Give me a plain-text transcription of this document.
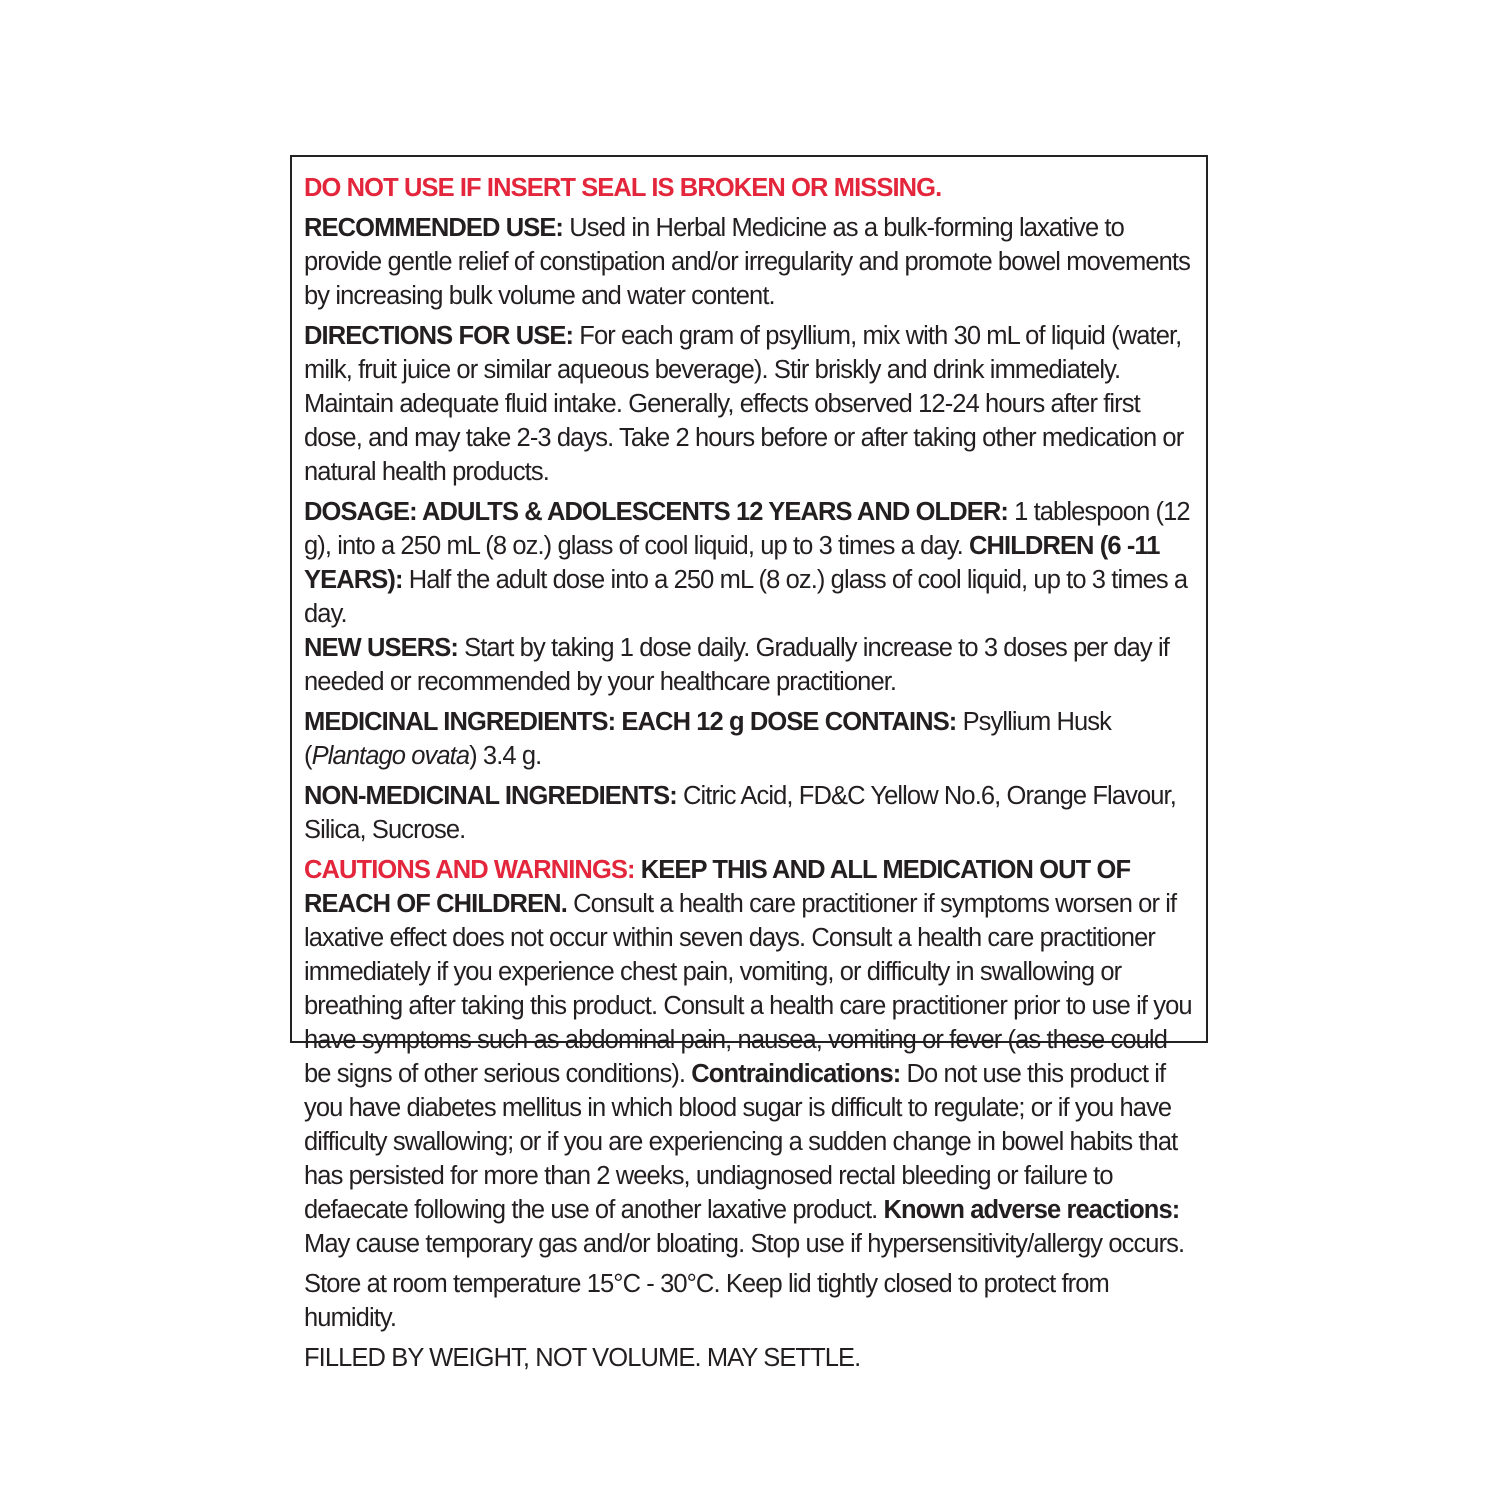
DO NOT USE IF INSERT SEAL IS BROKEN OR MISSING.

RECOMMENDED USE: Used in Herbal Medicine as a bulk-forming laxative to provide gentle relief of constipation and/or irregularity and promote bowel movements by increasing bulk volume and water content.

DIRECTIONS FOR USE: For each gram of psyllium, mix with 30 mL of liquid (water, milk, fruit juice or similar aqueous beverage). Stir briskly and drink immediately. Maintain adequate fluid intake. Generally, effects observed 12-24 hours after first dose, and may take 2-3 days. Take 2 hours before or after taking other medication or natural health products.

DOSAGE: ADULTS & ADOLESCENTS 12 YEARS AND OLDER: 1 tablespoon (12 g), into a 250 mL (8 oz.) glass of cool liquid, up to 3 times a day. CHILDREN (6 -11 YEARS): Half the adult dose into a 250 mL (8 oz.) glass of cool liquid, up to 3 times a day.
NEW USERS: Start by taking 1 dose daily. Gradually increase to 3 doses per day if needed or recommended by your healthcare practitioner.

MEDICINAL INGREDIENTS: EACH 12 g DOSE CONTAINS: Psyllium Husk (Plantago ovata) 3.4 g.

NON-MEDICINAL INGREDIENTS: Citric Acid, FD&C Yellow No.6, Orange Flavour, Silica, Sucrose.

CAUTIONS AND WARNINGS: KEEP THIS AND ALL MEDICATION OUT OF REACH OF CHILDREN. Consult a health care practitioner if symptoms worsen or if laxative effect does not occur within seven days. Consult a health care practitioner immediately if you experience chest pain, vomiting, or difficulty in swallowing or breathing after taking this product. Consult a health care practitioner prior to use if you have symptoms such as abdominal pain, nausea, vomiting or fever (as these could be signs of other serious conditions). Contraindications: Do not use this product if you have diabetes mellitus in which blood sugar is difficult to regulate; or if you have difficulty swallowing; or if you are experiencing a sudden change in bowel habits that has persisted for more than 2 weeks, undiagnosed rectal bleeding or failure to defaecate following the use of another laxative product. Known adverse reactions: May cause temporary gas and/or bloating. Stop use if hypersensitivity/allergy occurs.

Store at room temperature 15°C - 30°C. Keep lid tightly closed to protect from humidity.

FILLED BY WEIGHT, NOT VOLUME. MAY SETTLE.
